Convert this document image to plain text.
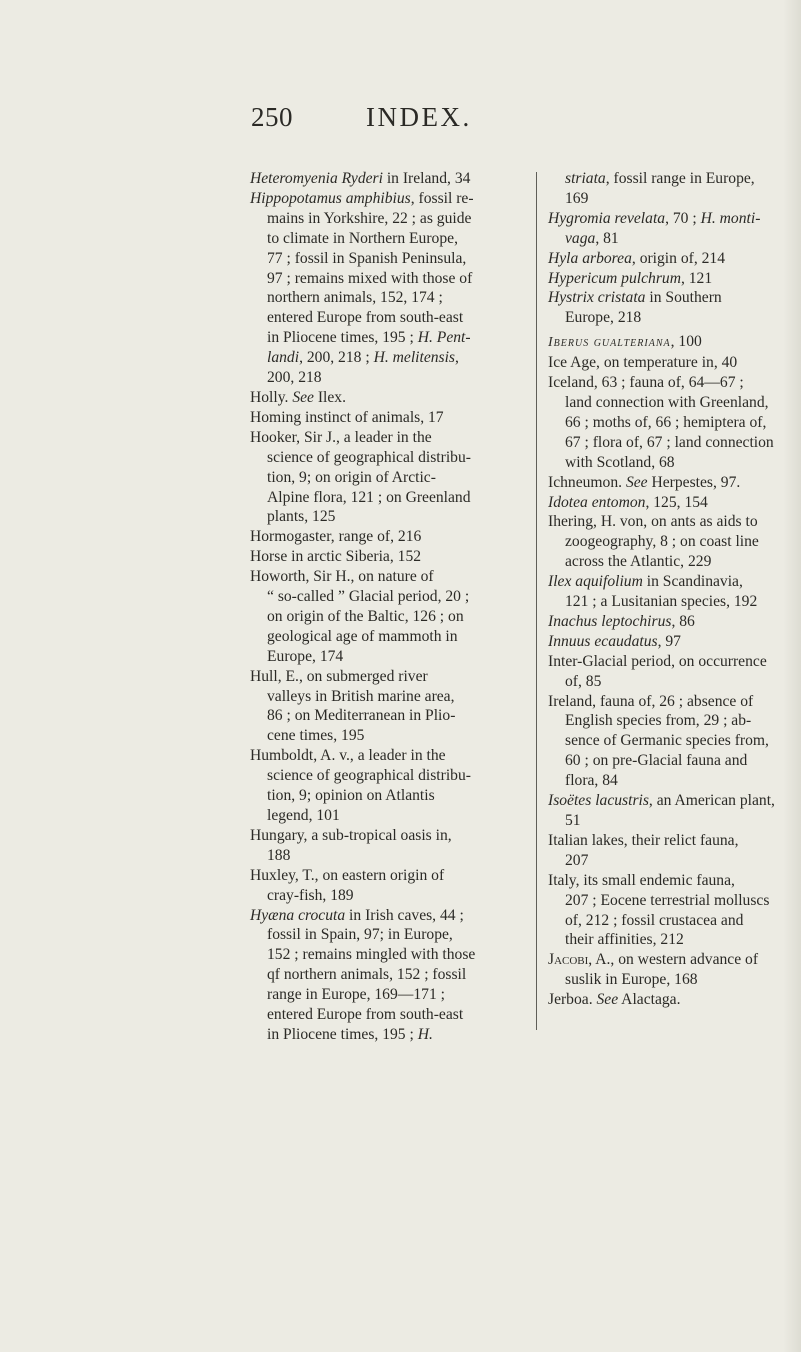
250	INDEX.
Heteromyenia Ryderi in Ireland, 34
Hippopotamus amphibius, fossil re-
mains in Yorkshire, 22 ; as guide
to climate in Northern Europe,
77 ; fossil in Spanish Peninsula,
97 ; remains mixed with those of
northern animals, 152, 174 ;
entered Europe from south-east
in Pliocene times, 195 ; H. Pent-
landi, 200, 218 ; H. melitensis,
200, 218
Holly. See Ilex.
Homing instinct of animals, 17
Hooker, Sir J., a leader in the
science of geographical distribu-
tion, 9; on origin of Arctic-
Alpine flora, 121 ; on Greenland
plants, 125
Hormogaster, range of, 216
Horse in arctic Siberia, 152
Howorth, Sir H., on nature of
“ so-called ” Glacial period, 20 ;
on origin of the Baltic, 126 ; on
geological age of mammoth in
Europe, 174
Hull, E., on submerged river
valleys in British marine area,
86 ; on Mediterranean in Plio-
cene times, 195
Humboldt, A. v., a leader in the
science of geographical distribu-
tion, 9; opinion on Atlantis
legend, 101
Hungary, a sub-tropical oasis in,
188
Huxley, T., on eastern origin of
cray-fish, 189
Hyæna crocuta in Irish caves, 44 ;
fossil in Spain, 97; in Europe,
152 ; remains mingled with those
qf northern animals, 152 ; fossil
range in Europe, 169—171 ;
entered Europe from south-east
in Pliocene times, 195 ; H.
striata, fossil range in Europe,
169
Hygromia revelata, 70 ; H. monti-
vaga, 81
Hyla arborea, origin of, 214
Hypericum pulchrum, 121
Hystrix cristata in Southern
Europe, 218
Iberus gualteriana, 100
Ice Age, on temperature in, 40
Iceland, 63 ; fauna of, 64—67 ;
land connection with Greenland,
66 ; moths of, 66 ; hemiptera of,
67 ; flora of, 67 ; land connection
with Scotland, 68
Ichneumon. See Herpestes, 97.
Idotea entomon, 125, 154
Ihering, H. von, on ants as aids to
zoogeography, 8 ; on coast line
across the Atlantic, 229
Ilex aquifolium in Scandinavia,
121 ; a Lusitanian species, 192
Inachus leptochirus, 86
Innuus ecaudatus, 97
Inter-Glacial period, on occurrence
of, 85
Ireland, fauna of, 26 ; absence of
English species from, 29 ; ab-
sence of Germanic species from,
60 ; on pre-Glacial fauna and
flora, 84
Isoëtes lacustris, an American plant,
51
Italian lakes, their relict fauna,
207
Italy, its small endemic fauna,
207 ; Eocene terrestrial molluscs
of, 212 ; fossil crustacea and
their affinities, 212
Jacobi, A., on western advance of
suslik in Europe, 168
Jerboa. See Alactaga.
